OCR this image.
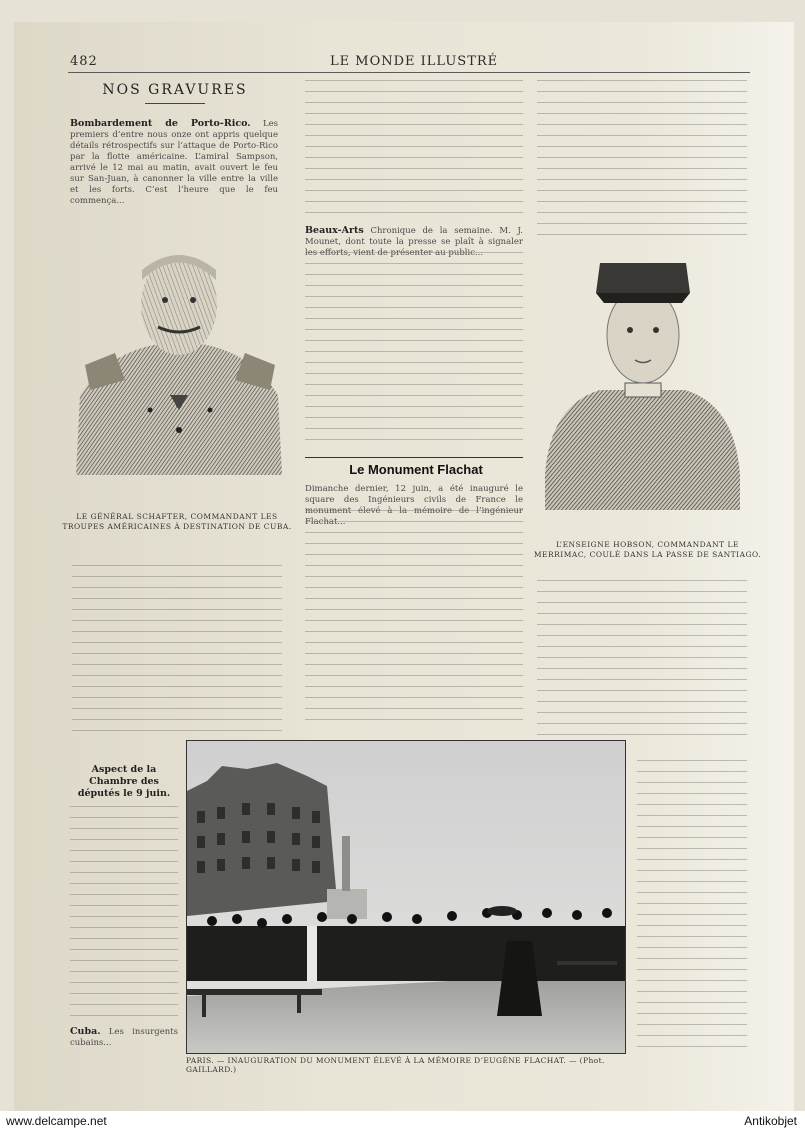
482	LE MONDE ILLUSTRÉ
NOS GRAVURES

Bombardement de Porto-Rico. Les premiers d’entre nous onze ont appris quelque détails rétrospectifs sur l’attaque de Porto-Rico par la flotte américaine. L’amiral Sampson, arrivé le 12 mai au matin, avait ouvert le feu sur San-Juan, à canonner la ville entre la ville et les forts. C’est l’heure que le feu commença...

LE GÉNÉRAL SCHAFTER, COMMANDANT LES TROUPES AMÉRICAINES À DESTINATION DE CUBA.
Aspect de la Chambre des députés le 9 juin.
Cuba. Les insurgents cubains...
Beaux-Arts Chronique de la semaine. M. J. Mounet, dont toute la presse se plaît à signaler les efforts, vient de présenter au public...
Le Monument Flachat
Dimanche dernier, 12 juin, a été inauguré le square des Ingénieurs civils de France le monument élevé à la mémoire de l’ingénieur Flachat...
L’ENSEIGNE HOBSON, COMMANDANT LE MERRIMAC, COULÉ DANS LA PASSE DE SANTIAGO.
PARIS. — INAUGURATION DU MONUMENT ÉLEVÉ À LA MÉMOIRE D’EUGÈNE FLACHAT. — (Phot. GAILLARD.)
www.delcampe.net	Antikobjet
